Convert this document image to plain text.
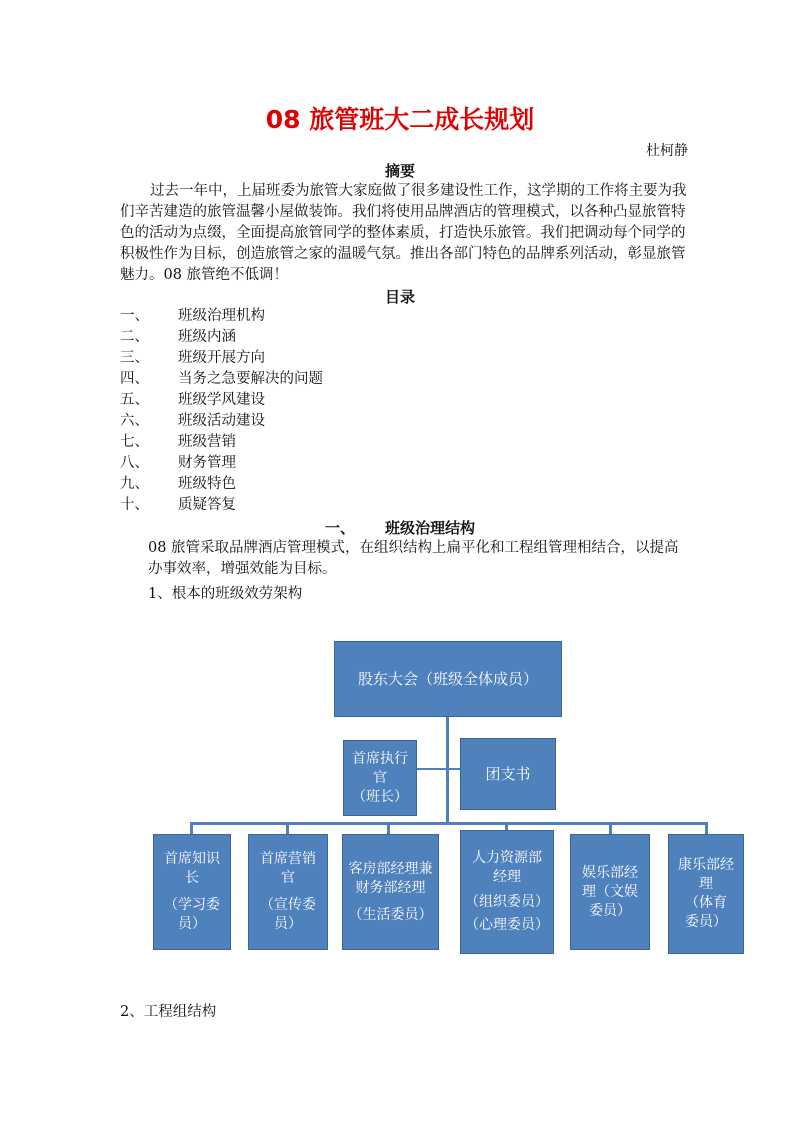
08 旅管班大二成长规划
杜柯静
摘要

过去一年中，上届班委为旅管大家庭做了很多建设性工作，这学期的工作将主要为我们辛苦建造的旅管温馨小屋做装饰。我们将使用品牌酒店的管理模式，以各种凸显旅管特色的活动为点缀，全面提高旅管同学的整体素质，打造快乐旅管。我们把调动每个同学的积极性作为目标，创造旅管之家的温暖气氛。推出各部门特色的品牌系列活动，彰显旅管魅力。08 旅管绝不低调！

目录
一、 班级治理机构
二、 班级内涵
三、 班级开展方向
四、 当务之急要解决的问题
五、 班级学风建设
六、 班级活动建设
七、 班级营销
八、 财务管理
九、 班级特色
十、 质疑答复
一、 班级治理结构
08 旅管采取品牌酒店管理模式，在组织结构上扁平化和工程组管理相结合，以提高办事效率，增强效能为目标。
1、根本的班级效劳架构
股东大会（班级全体成员）
首席执行官
（班长）
团支书
首席知识
长
（学习委
员）
首席营销
官
（宣传委
员）
客房部经理兼
财务部经理
（生活委员）
人力资源部
经理
（组织委员）
（心理委员）
娱乐部经
理（文娱
委员）
康乐部经理
（体育
委员）
2、工程组结构
